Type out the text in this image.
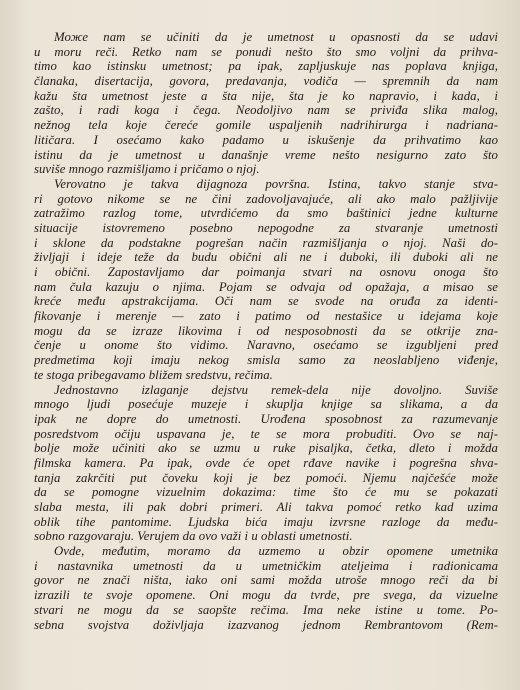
Може nam se učiniti da je umetnost u opasnosti da se udavi
u moru reči. Retko nam se ponudi nešto što smo voljni da prihva-
timo kao istinsku umetnost; pa ipak, zapljuskuje nas poplava knjiga,
članaka, disertacija, govora, predavanja, vodiča — spremnih da nam
kažu šta umetnost jeste a šta nije, šta je ko napravio, i kada, i
zašto, i radi koga i čega. Neodoljivo nam se priviđa slika malog,
nežnog tela koje čereće gomile uspaljenih nadrihirurga i nadriana-
litičara. I osećamo kako padamo u iskušenje da prihvatimo kao
istinu da je umetnost u današnje vreme nešto nesigurno zato što
suviše mnogo razmišljamo i pričamo o njoj.

Verovatno je takva dijagnoza površna. Istina, takvo stanje stva-
ri gotovo nikome se ne čini zadovoljavajuće, ali ako malo pažljivije
zatražimo razlog tome, utvrdićemo da smo baštinici jedne kulturne
situacije istovremeno posebno nepogodne za stvaranje umetnosti
i sklone da podstakne pogrešan način razmišljanja o njoj. Naši do-
življaji i ideje teže da budu obični ali ne i duboki, ili duboki ali ne
i obični. Zapostavljamo dar poimanja stvari na osnovu onoga što
nam čula kazuju o njima. Pojam se odvaja od opažaja, a misao se
kreće među apstrakcijama. Oči nam se svode na oruđa za identi-
fikovanje i merenje — zato i patimo od nestašice u idejama koje
mogu da se izraze likovima i od nesposobnosti da se otkrije zna-
čenje u onome što vidimo. Naravno, osećamo se izgubljeni pred
predmetima koji imaju nekog smisla samo za neoslabljeno viđenje,
te stoga pribegavamo bližem sredstvu, rečima.

Jednostavno izlaganje dejstvu remek-dela nije dovoljno. Suviše
mnogo ljudi posećuje muzeje i skuplja knjige sa slikama, a da
ipak ne dopre do umetnosti. Urođena sposobnost za razumevanje
posredstvom očiju uspavana je, te se mora probuditi. Ovo se naj-
bolje može učiniti ako se uzmu u ruke pisaljka, četka, dleto i možda
filmska kamera. Pa ipak, ovde će opet rđave navike i pogrešna shva-
tanja zakrčiti put čoveku koji je bez pomoći. Njemu najčešće može
da se pomogne vizuelnim dokazima: time što će mu se pokazati
slaba mesta, ili pak dobri primeri. Ali takva pomoć retko kad uzima
oblik tihe pantomime. Ljudska bića imaju izvrsne razloge da među-
sobno razgovaraju. Verujem da ovo važi i u oblasti umetnosti.

Ovde, međutim, moramo da uzmemo u obzir opomene umetnika
i nastavnika umetnosti da u umetničkim ateljeima i radionicama
govor ne znači ništa, iako oni sami možda utroše mnogo reči da bi
izrazili te svoje opomene. Oni mogu da tvrde, pre svega, da vizuelne
stvari ne mogu da se saopšte rečima. Ima neke istine u tome. Po-
sebna svojstva doživljaja izazvanog jednom Rembrantovom (Rem-
